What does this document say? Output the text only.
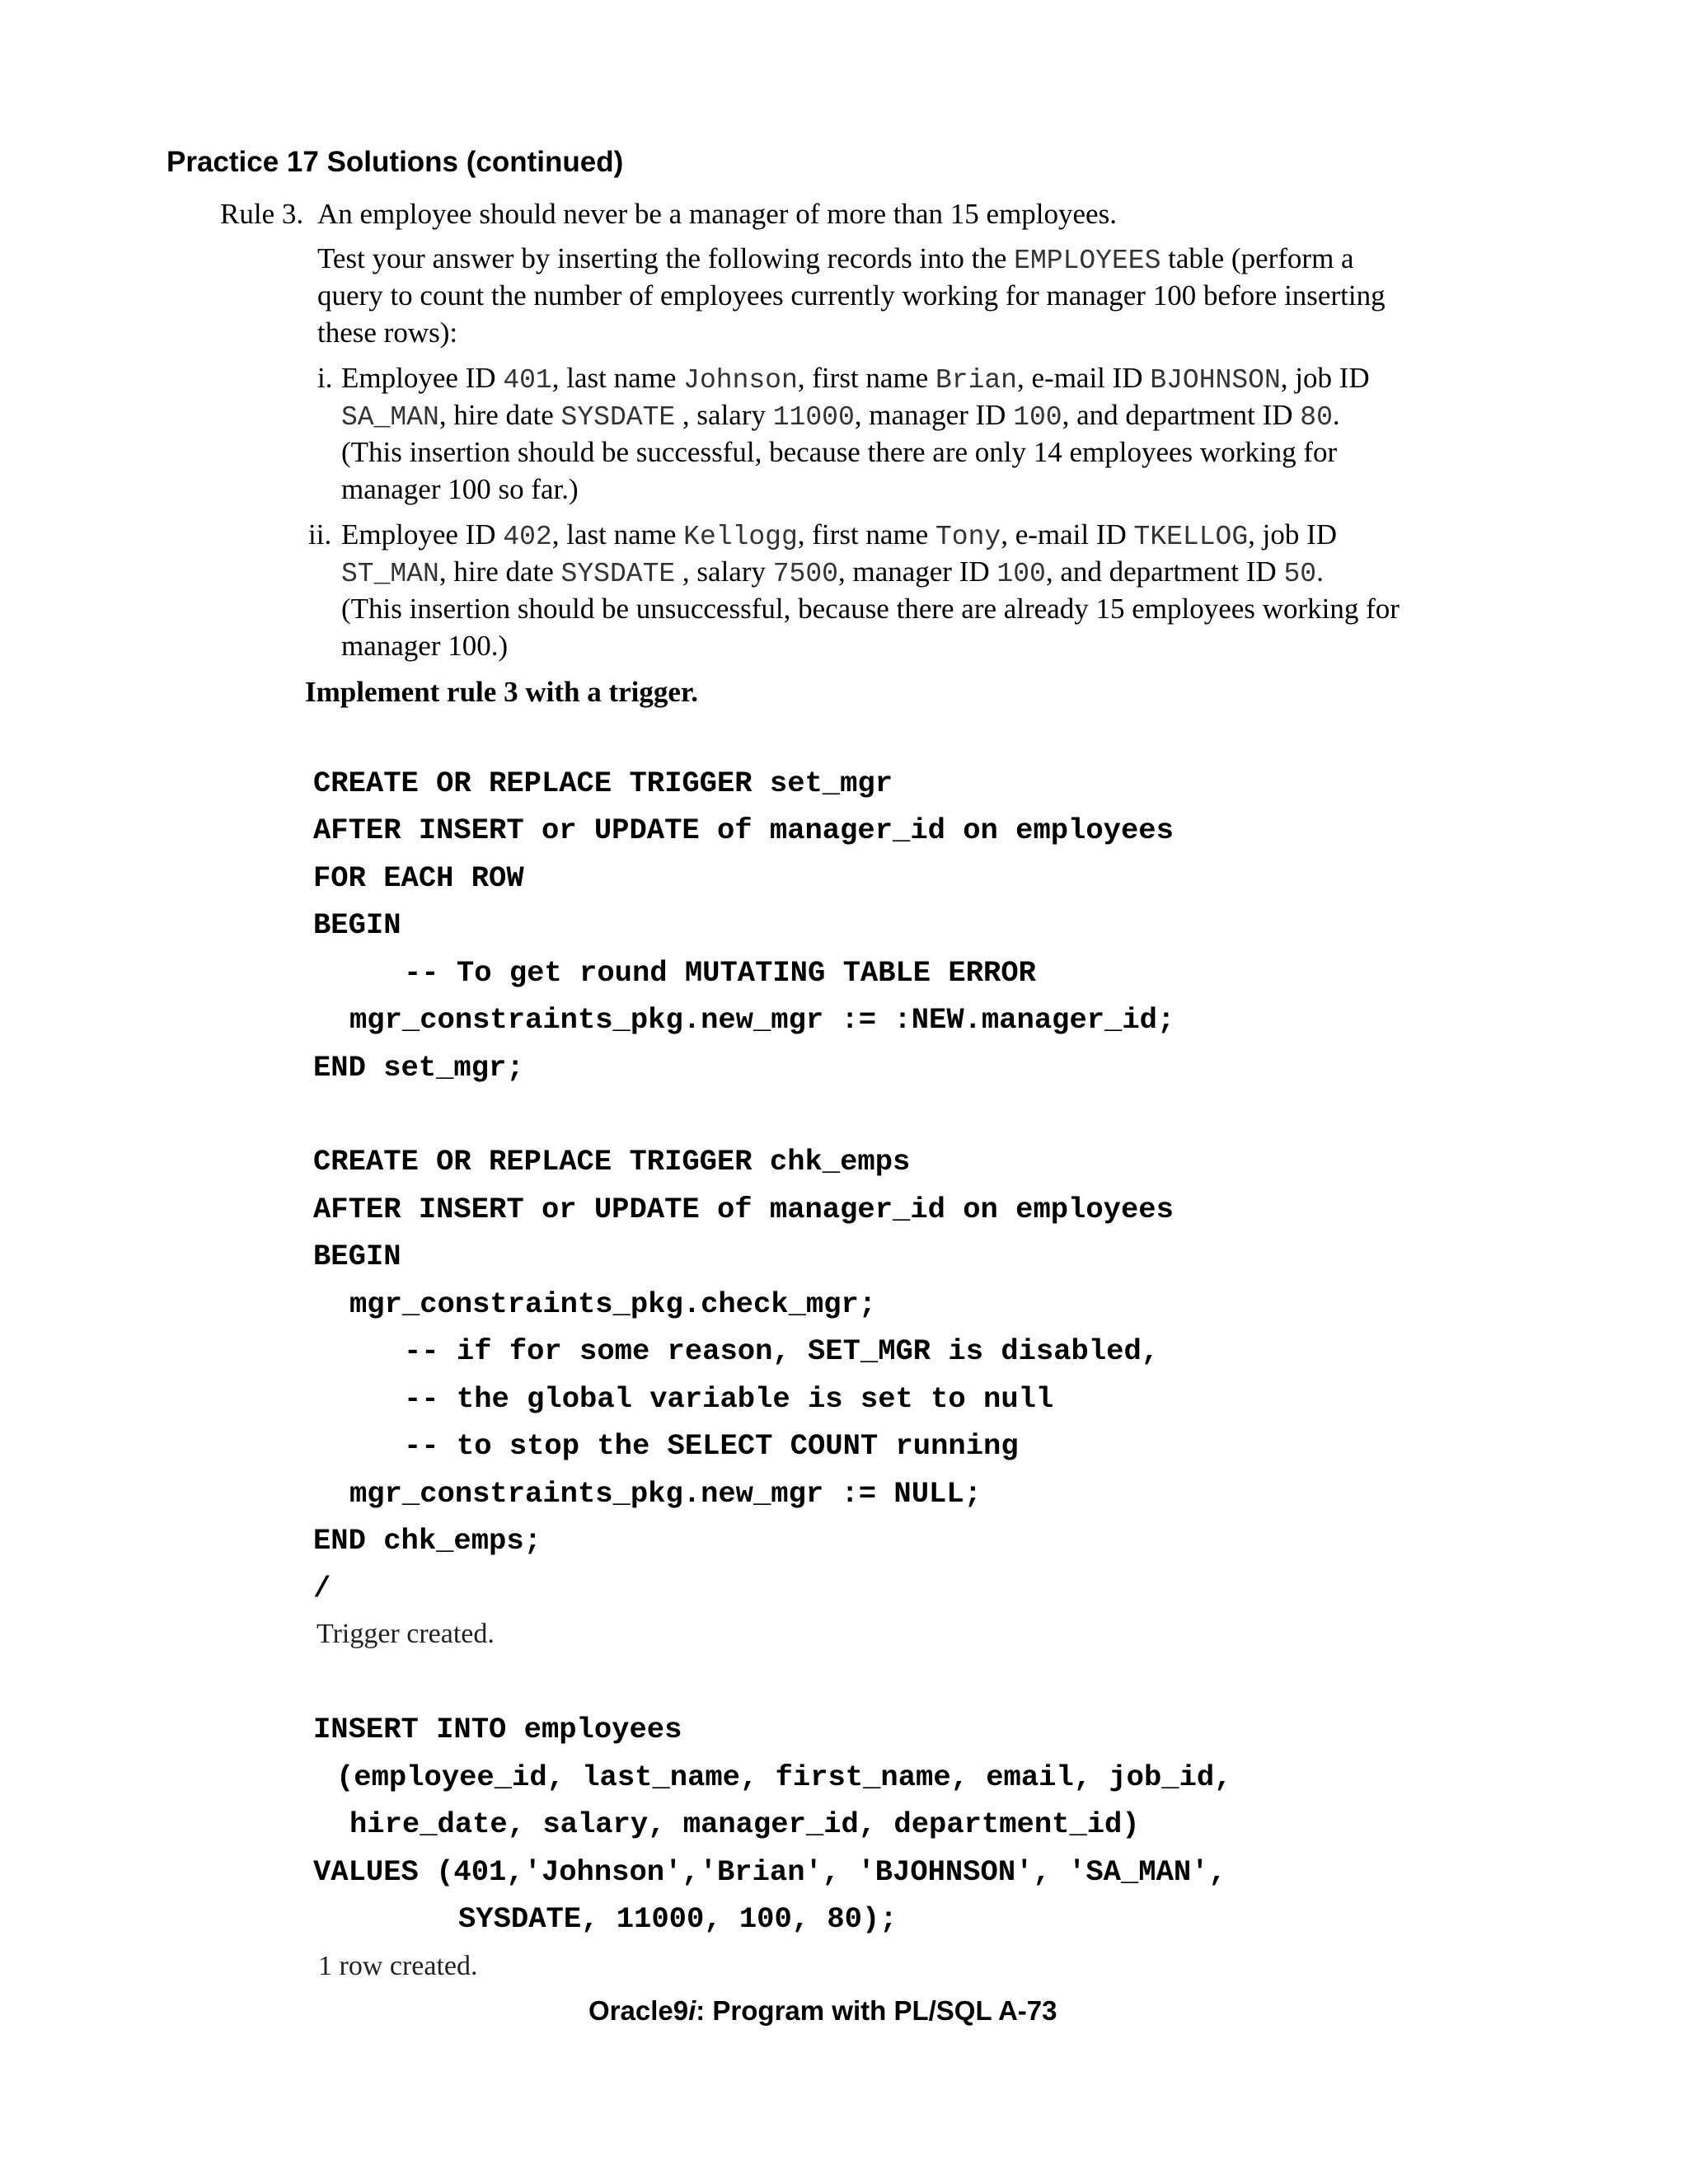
Practice 17 Solutions (continued)
Rule 3. An employee should never be a manager of more than 15 employees.
Test your answer by inserting the following records into the EMPLOYEES table (perform a
query to count the number of employees currently working for manager 100 before inserting
these rows):
i. Employee ID 401, last name Johnson, first name Brian, e-mail ID BJOHNSON, job ID
SA_MAN, hire date SYSDATE , salary 11000, manager ID 100, and department ID 80.
(This insertion should be successful, because there are only 14 employees working for
manager 100 so far.)
ii. Employee ID 402, last name Kellogg, first name Tony, e-mail ID TKELLOG, job ID
ST_MAN, hire date SYSDATE , salary 7500, manager ID 100, and department ID 50.
(This insertion should be unsuccessful, because there are already 15 employees working for
manager 100.)
Implement rule 3 with a trigger.
CREATE OR REPLACE TRIGGER set_mgr
AFTER INSERT or UPDATE of manager_id on employees
FOR EACH ROW
BEGIN
-- To get round MUTATING TABLE ERROR
mgr_constraints_pkg.new_mgr := :NEW.manager_id;
END set_mgr;
CREATE OR REPLACE TRIGGER chk_emps
AFTER INSERT or UPDATE of manager_id on employees
BEGIN
mgr_constraints_pkg.check_mgr;
-- if for some reason, SET_MGR is disabled,
-- the global variable is set to null
-- to stop the SELECT COUNT running
mgr_constraints_pkg.new_mgr := NULL;
END chk_emps;
/
Trigger created.
INSERT INTO employees
(employee_id, last_name, first_name, email, job_id,
hire_date, salary, manager_id, department_id)
VALUES (401,'Johnson','Brian', 'BJOHNSON', 'SA_MAN',
SYSDATE, 11000, 100, 80);
1 row created.
Oracle9i: Program with PL/SQL A-73
